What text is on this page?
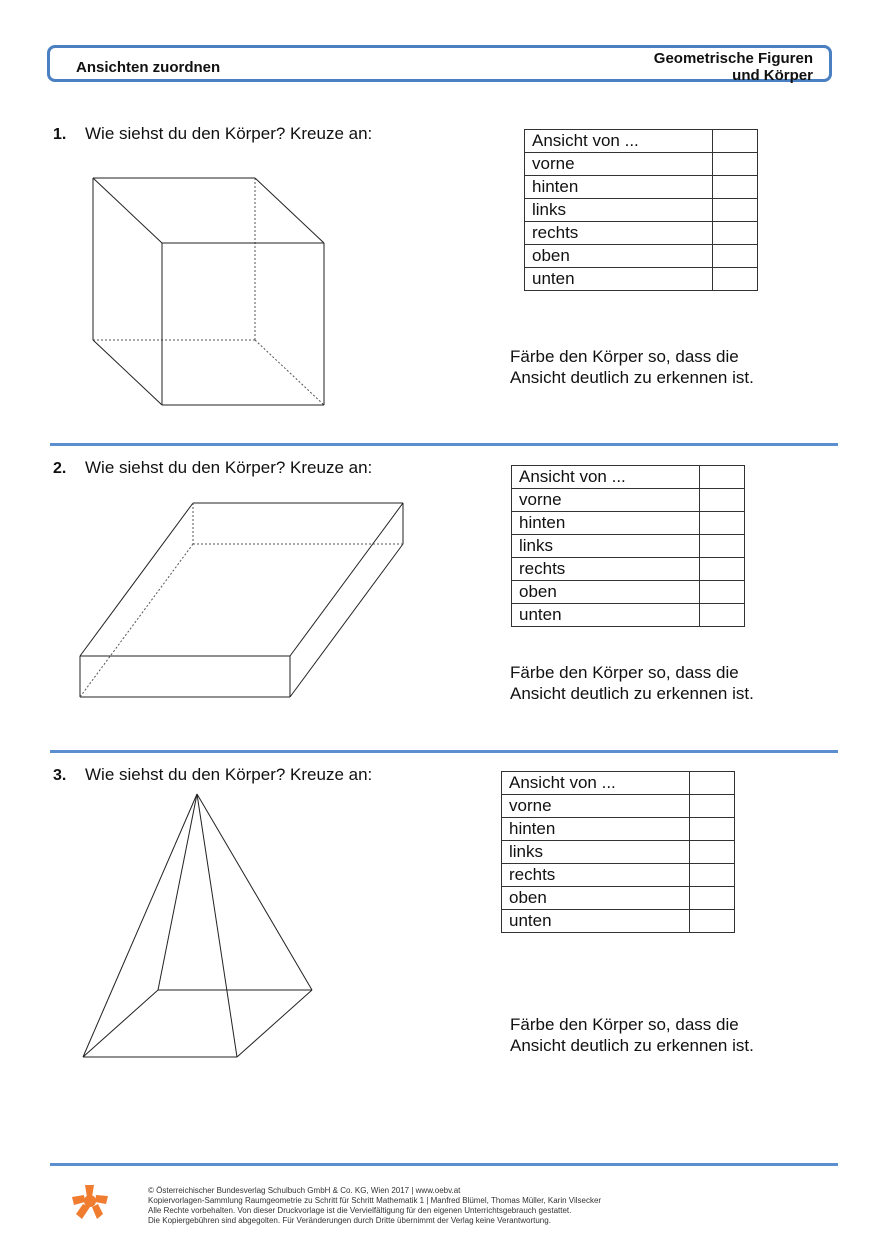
Ansichten zuordnen
Geometrische Figuren
und Körper
1. Wie siehst du den Körper? Kreuze an:	Ansicht von ...	
vorne	
hinten	
links	
rechts	
oben	
unten	
Färbe den Körper so, dass die
Ansicht deutlich zu erkennen ist.
2. Wie siehst du den Körper? Kreuze an:	Ansicht von ...	
vorne	
hinten	
links	
rechts	
oben	
unten	
Färbe den Körper so, dass die
Ansicht deutlich zu erkennen ist.
3. Wie siehst du den Körper? Kreuze an:	Ansicht von ...	
vorne	
hinten	
links	
rechts	
oben	
unten	
Färbe den Körper so, dass die
Ansicht deutlich zu erkennen ist.
© Österreichischer Bundesverlag Schulbuch GmbH & Co. KG, Wien 2017 | www.oebv.at
Kopiervorlagen-Sammlung Raumgeometrie zu Schritt für Schritt Mathematik 1 | Manfred Blümel, Thomas Müller, Karin Vilsecker
Alle Rechte vorbehalten. Von dieser Druckvorlage ist die Vervielfältigung für den eigenen Unterrichtsgebrauch gestattet.
Die Kopiergebühren sind abgegolten. Für Veränderungen durch Dritte übernimmt der Verlag keine Verantwortung.
